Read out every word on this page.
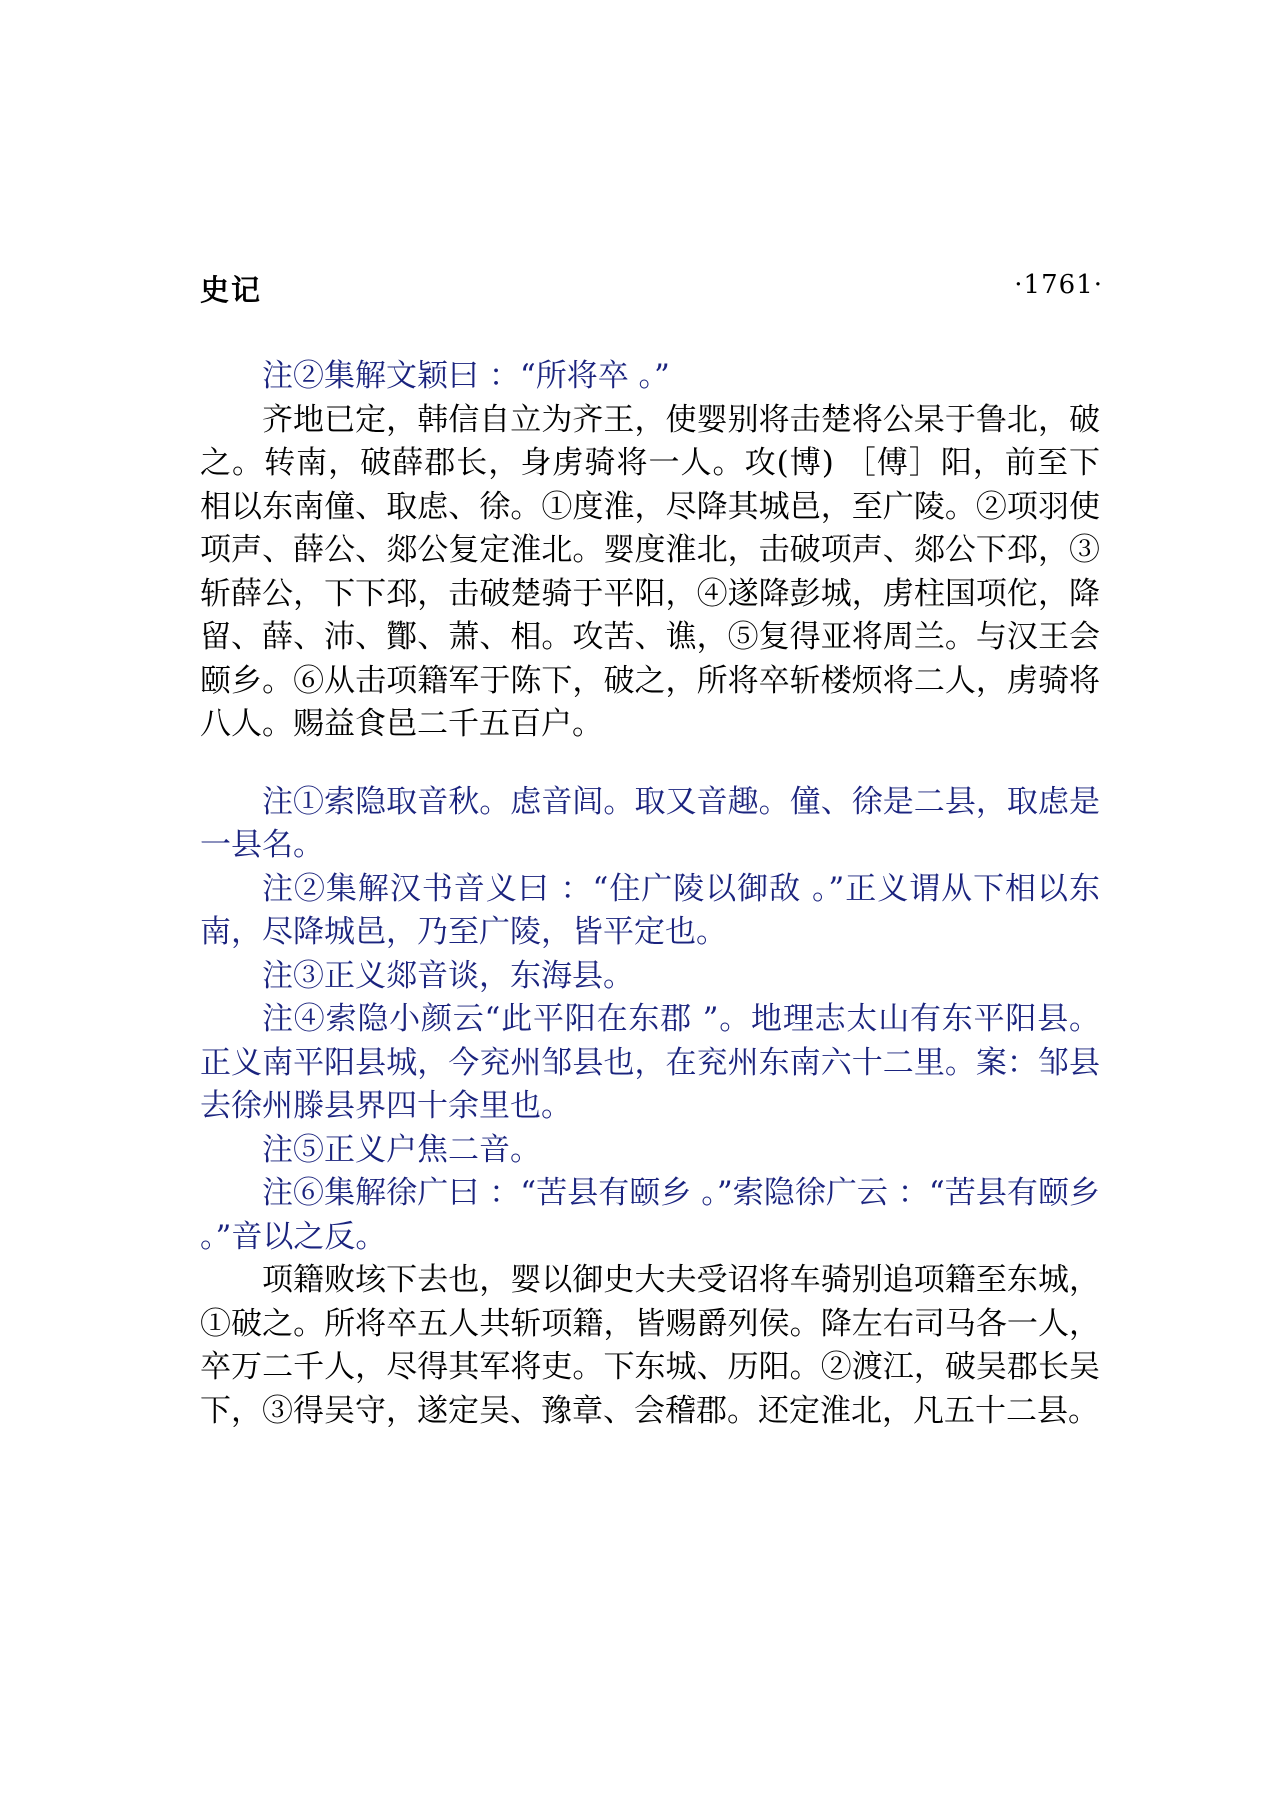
史记	·1761·

注②集解文颖曰 ：“所将卒 。”

齐地已定，韩信自立为齐王，使婴别将击楚将公杲于鲁北，破之。转南，破薛郡长，身虏骑将一人。攻(博) ［傅］阳，前至下相以东南僮、取虑、徐。①度淮，尽降其城邑，至广陵。②项羽使项声、薛公、郯公复定淮北。婴度淮北，击破项声、郯公下邳，③斩薛公，下下邳，击破楚骑于平阳，④遂降彭城，虏柱国项佗，降留、薛、沛、酇、萧、相。攻苦、谯，⑤复得亚将周兰。与汉王会颐乡。⑥从击项籍军于陈下，破之，所将卒斩楼烦将二人，虏骑将八人。赐益食邑二千五百户。

注①索隐取音秋。虑音闾。取又音趣。僮、徐是二县，取虑是一县名。

注②集解汉书音义曰 ：“住广陵以御敌 。”正义谓从下相以东南，尽降城邑，乃至广陵，皆平定也。

注③正义郯音谈，东海县。

注④索隐小颜云“此平阳在东郡 ”。地理志太山有东平阳县。正义南平阳县城，今兖州邹县也，在兖州东南六十二里。案：邹县去徐州滕县界四十余里也。

注⑤正义户焦二音。

注⑥集解徐广曰 ：“苦县有颐乡 。”索隐徐广云 ：“苦县有颐乡 。”音以之反。

项籍败垓下去也，婴以御史大夫受诏将车骑别追项籍至东城，①破之。所将卒五人共斩项籍，皆赐爵列侯。降左右司马各一人，卒万二千人，尽得其军将吏。下东城、历阳。②渡江，破吴郡长吴下，③得吴守，遂定吴、豫章、会稽郡。还定淮北，凡五十二县。
